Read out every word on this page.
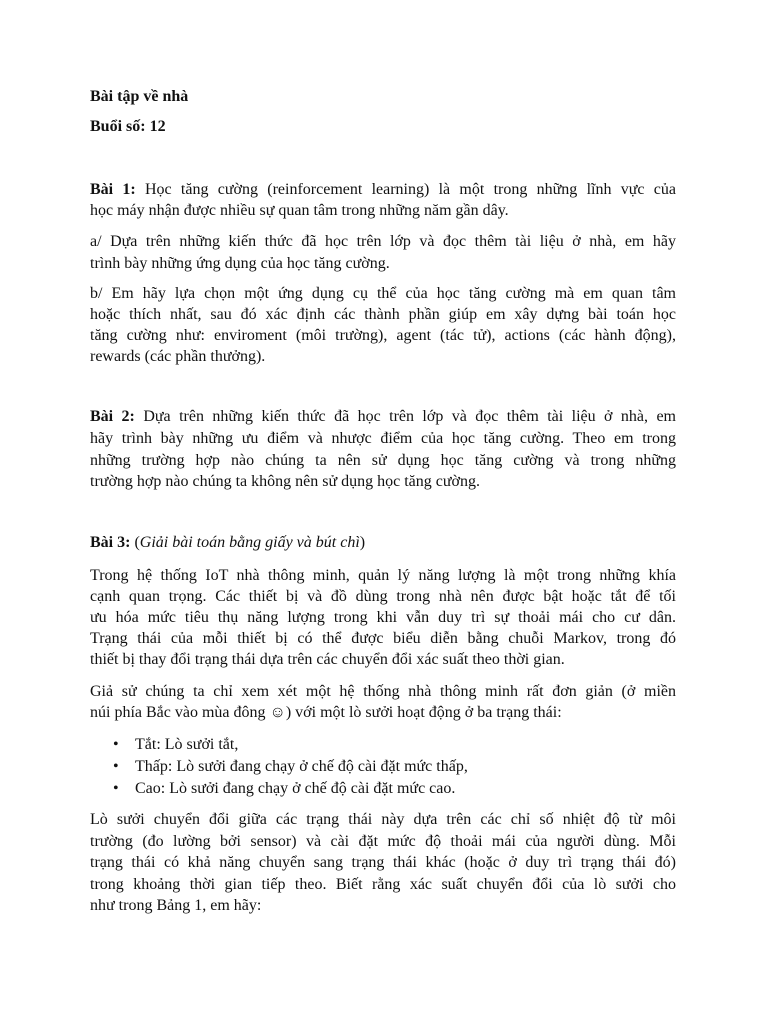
Bài tập về nhà
Buổi số: 12
Bài 1: Học tăng cường (reinforcement learning) là một trong những lĩnh vực của
học máy nhận được nhiều sự quan tâm trong những năm gần dây.
a/ Dựa trên những kiến thức đã học trên lớp và đọc thêm tài liệu ở nhà, em hãy
trình bày những ứng dụng của học tăng cường.
b/ Em hãy lựa chọn một ứng dụng cụ thể của học tăng cường mà em quan tâm
hoặc thích nhất, sau đó xác định các thành phần giúp em xây dựng bài toán học
tăng cường như: enviroment (môi trường), agent (tác tử), actions (các hành động),
rewards (các phần thưởng).
Bài 2: Dựa trên những kiến thức đã học trên lớp và đọc thêm tài liệu ở nhà, em
hãy trình bày những ưu điểm và nhược điểm của học tăng cường. Theo em trong
những trường hợp nào chúng ta nên sử dụng học tăng cường và trong những
trường hợp nào chúng ta không nên sử dụng học tăng cường.
Bài 3: (Giải bài toán bằng giấy và bút chì)
Trong hệ thống IoT nhà thông minh, quản lý năng lượng là một trong những khía
cạnh quan trọng. Các thiết bị và đồ dùng trong nhà nên được bật hoặc tắt để tối
ưu hóa mức tiêu thụ năng lượng trong khi vẫn duy trì sự thoải mái cho cư dân.
Trạng thái của mỗi thiết bị có thể được biểu diễn bằng chuỗi Markov, trong đó
thiết bị thay đổi trạng thái dựa trên các chuyển đổi xác suất theo thời gian.
Giả sử chúng ta chỉ xem xét một hệ thống nhà thông minh rất đơn giản (ở miền
núi phía Bắc vào mùa đông ☺) với một lò sưởi hoạt động ở ba trạng thái:
• Tắt: Lò sưởi tắt,
• Thấp: Lò sưởi đang chạy ở chế độ cài đặt mức thấp,
• Cao: Lò sưởi đang chạy ở chế độ cài đặt mức cao.
Lò sưởi chuyển đổi giữa các trạng thái này dựa trên các chỉ số nhiệt độ từ môi
trường (đo lường bởi sensor) và cài đặt mức độ thoải mái của người dùng. Mỗi
trạng thái có khả năng chuyển sang trạng thái khác (hoặc ở duy trì trạng thái đó)
trong khoảng thời gian tiếp theo. Biết rằng xác suất chuyển đổi của lò sưởi cho
như trong Bảng 1, em hãy:
